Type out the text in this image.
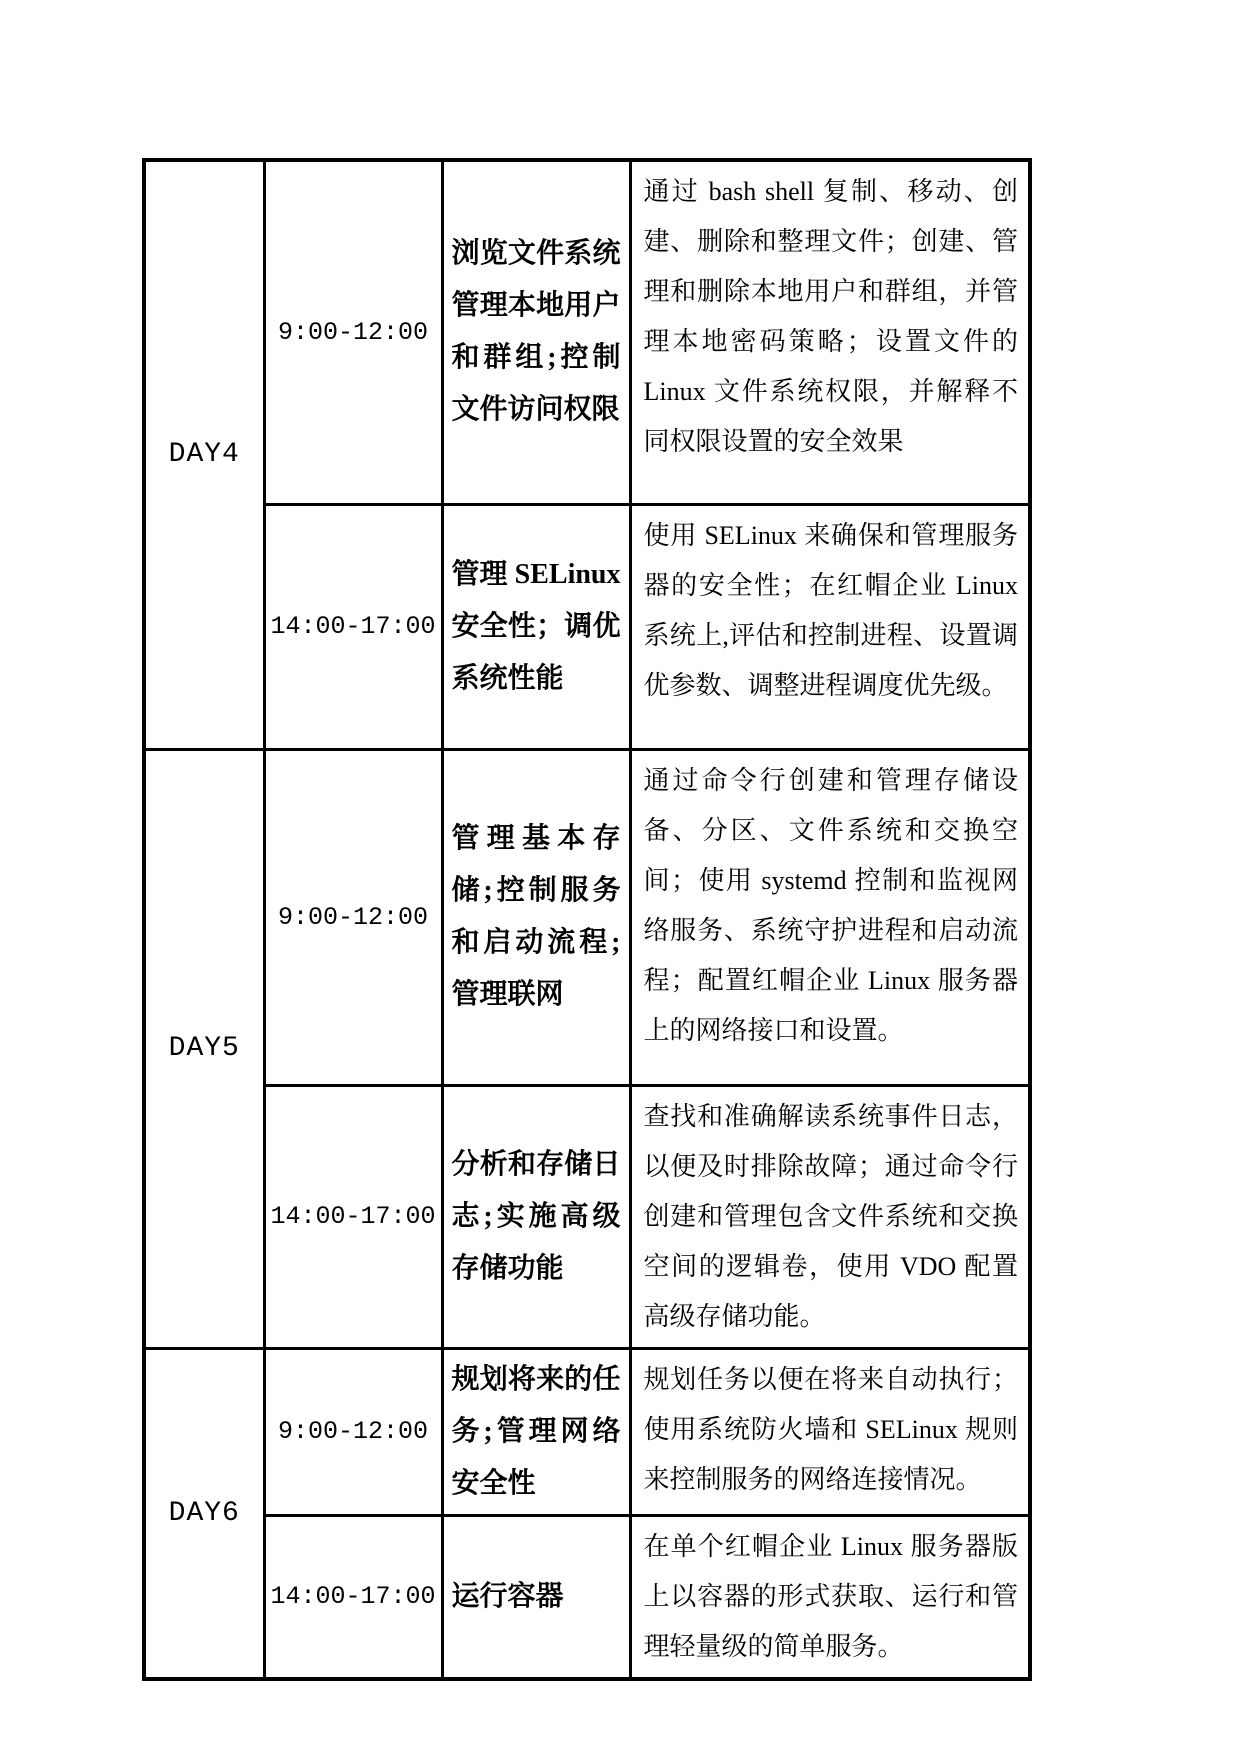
DAY4	9:00-12:00	浏览文件系统管理本地用户和群组;控制文件访问权限	通过 bash shell 复制、移动、创建、删除和整理文件；创建、管理和删除本地用户和群组，并管理本地密码策略；设置文件的 Linux 文件系统权限，并解释不同权限设置的安全效果
	14:00-17:00	管理 SELinux 安全性；调优系统性能	使用 SELinux 来确保和管理服务器的安全性；在红帽企业 Linux 系统上,评估和控制进程、设置调优参数、调整进程调度优先级。
DAY5	9:00-12:00	管理基本存储;控制服务和启动流程;管理联网	通过命令行创建和管理存储设备、分区、文件系统和交换空间；使用 systemd 控制和监视网络服务、系统守护进程和启动流程；配置红帽企业 Linux 服务器上的网络接口和设置。
	14:00-17:00	分析和存储日志;实施高级存储功能	查找和准确解读系统事件日志，以便及时排除故障；通过命令行创建和管理包含文件系统和交换空间的逻辑卷，使用 VDO 配置高级存储功能。
DAY6	9:00-12:00	规划将来的任务;管理网络安全性	规划任务以便在将来自动执行；使用系统防火墙和 SELinux 规则来控制服务的网络连接情况。
	14:00-17:00	运行容器	在单个红帽企业 Linux 服务器版上以容器的形式获取、运行和管理轻量级的简单服务。
